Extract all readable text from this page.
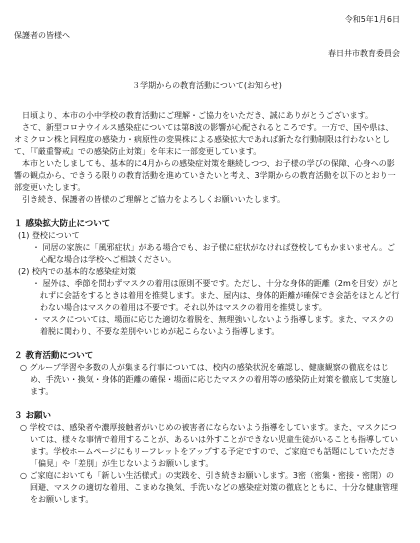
令和5年1月6日
保護者の皆様へ
春日井市教育委員会
３学期からの教育活動について(お知らせ)

日頃より、本市の小中学校の教育活動にご理解・ご協力をいただき、誠にありがとうございます。

さて、新型コロナウイルス感染症については第8波の影響が心配されるところです。一方で、国や県は、オミクロン株と同程度の感染力・病原性の変異株による感染拡大であれば新たな行動制限は行わないとして、「『厳重警戒』での感染防止対策」を年末に一部変更しています。

本市といたしましても、基本的に4月からの感染症対策を継続しつつ、お子様の学びの保障、心身への影響の観点から、できうる限りの教育活動を進めていきたいと考え、3学期からの教育活動を以下のとおり一部変更いたします。

引き続き、保護者の皆様のご理解とご協力をよろしくお願いいたします。

１ 感染拡大防止について
(1) 登校について
・ 同居の家族に「風邪症状」がある場合でも、お子様に症状がなければ登校してもかまいません。ご心配な場合は学校へご相談ください。
(2) 校内での基本的な感染症対策
・ 屋外は、季節を問わずマスクの着用は原則不要です。ただし、十分な身体的距離（2mを目安）がとれずに会話をするときは着用を推奨します。また、屋内は、身体的距離が確保でき会話をほとんど行わない場合はマスクの着用は不要です。それ以外はマスクの着用を推奨します。
・ マスクについては、場面に応じた適切な着脱を、無理強いしないよう指導します。また、マスクの着脱に関わり、不要な差別やいじめが起こらないよう指導します。
２ 教育活動について
○ グループ学習や多数の人が集まる行事については、校内の感染状況を確認し、健康観察の徹底をはじめ、手洗い・換気・身体的距離の確保・場面に応じたマスクの着用等の感染防止対策を徹底して実施します。
３ お願い
○ 学校では、感染者や濃厚接触者がいじめの被害者にならないよう指導をしています。また、マスクについては、様々な事情で着用することが、あるいは外すことができない児童生徒がいることも指導しています。学校ホームページにもリーフレットをアップする予定ですので、ご家庭でも話題にしていただき「偏見」や「差別」が生じないようお願いします。
○ ご家庭においても「新しい生活様式」の実践を、引き続きお願いします。3密（密集・密接・密閉）の回避、マスクの適切な着用、こまめな換気、手洗いなどの感染症対策の徹底とともに、十分な健康管理をお願いします。
